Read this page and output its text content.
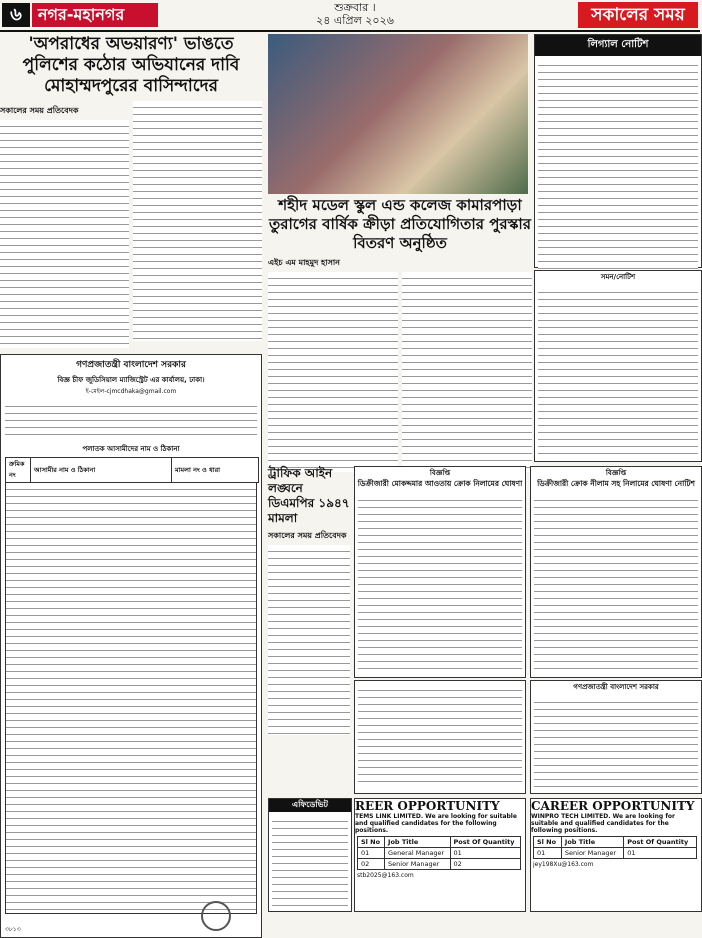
৬	নগর-মহানগর	শুক্রবার ।
২৪ এপ্রিল ২০২৬	সকালের সময়
'অপরাধের অভয়ারণ্য' ভাঙতে পুলিশের কঠোর অভিযানের দাবি মোহাম্মদপুরের বাসিন্দাদের
সকালের সময় প্রতিবেদক
গণপ্রজাতন্ত্রী বাংলাদেশ সরকার
বিজ্ঞ চীফ জুডিসিয়াল ম্যাজিস্ট্রেট এর কার্যালয়, ঢাকা।
ই-মেইল-cjmcdhaka@gmail.com
পলাতক আসামীদের নাম ও ঠিকানা
ক্রমিক নং	আসামীর নাম ও ঠিকানা	মামলা নং ও ধারা
৩৮১৩
লিগ্যাল নোটিশ
শহীদ মডেল স্কুল এন্ড কলেজ কামারপাড়া তুরাগের বার্ষিক ক্রীড়া প্রতিযোগিতার পুরস্কার বিতরণ অনুষ্ঠিত
এইচ এম মাহমুদ হাসান
সমন/নোটিশ
ট্রাফিক আইন লঙ্ঘনে ডিএমপির ১৯৪৭ মামলা
সকালের সময় প্রতিবেদক
বিজ্ঞপ্তি
ডিক্রীজারী মোকদ্দমার আওতায় ক্রোক নিলামের ঘোষণা
বিজ্ঞপ্তি
ডিক্রীজারী ক্রোক নীলাম সহ নিলামের ঘোষণা নোটিশ
গণপ্রজাতন্ত্রী বাংলাদেশ সরকার
এফিডেভিট	REER OPPORTUNITY
TEMS LINK LIMITED. We are looking for suitable and qualified candidates for the following positions.
Sl No	Job Title	Post Of Quantity
01	General Manager	01
02	Senior Manager	02
stb2025@163.com
CAREER OPPORTUNITY
WINPRO TECH LIMITED. We are looking for suitable and qualified candidates for the following positions.
Sl No	Job Title	Post Of Quantity
01	Senior Manager	01
jey198Xu@163.com
